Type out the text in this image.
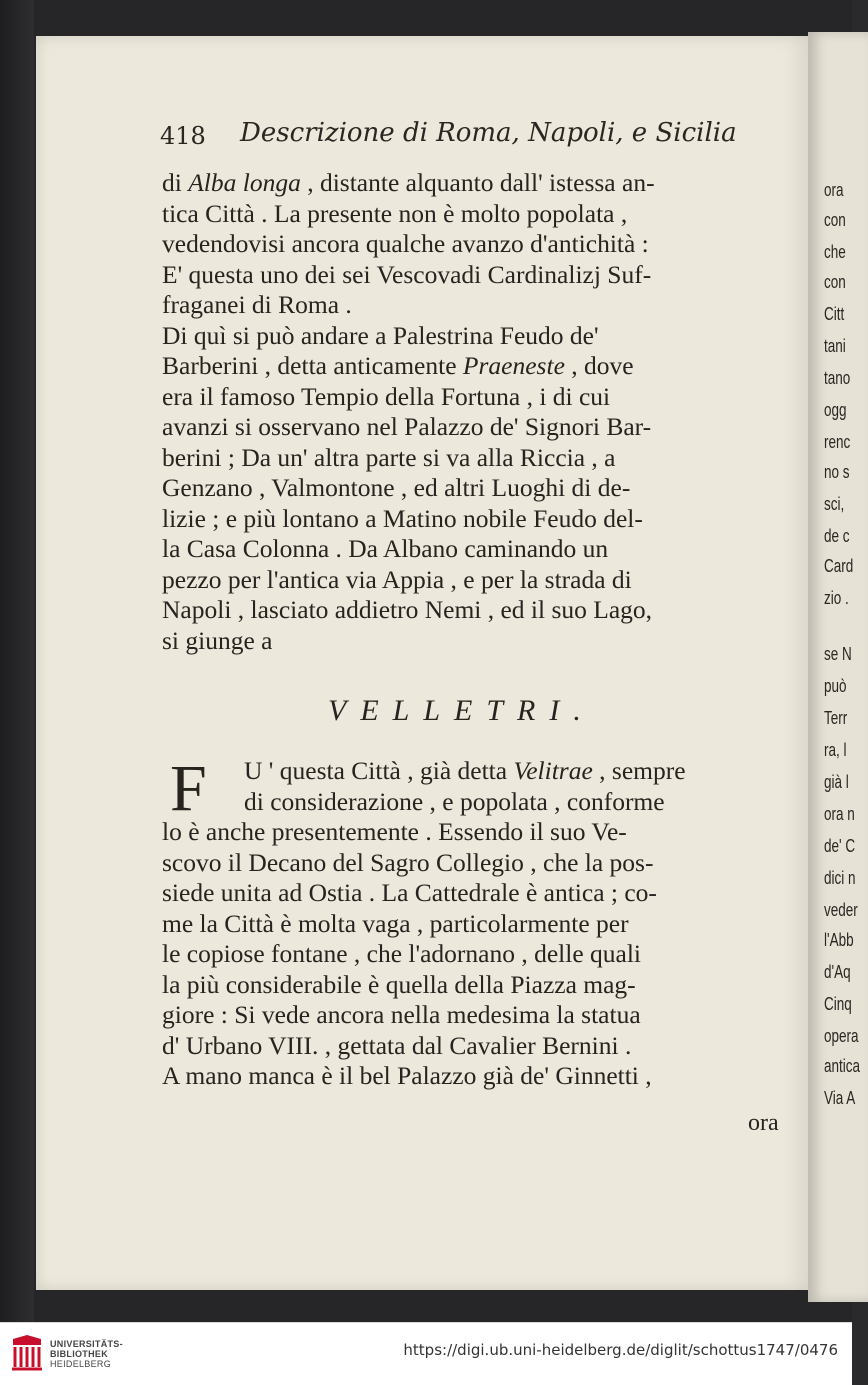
ora
con
che
con
Citt
tani
tano
ogg
renc
no s
sci,
de c
Card
zio .
se N
può
Terr
ra, l
già l
ora n
de' C
dici n
veder
l'Abb
d'Aq
Cinq
opera
antica
Via A
418 Descrizione di Roma, Napoli, e Sicilia
di Alba longa , distante alquanto dall' istessa an-
tica Città . La presente non è molto popolata ,
vedendovisi ancora qualche avanzo d'antichità :
E' questa uno dei sei Vescovadi Cardinalizj Suf-
fraganei di Roma .
Di quì si può andare a Palestrina Feudo de'
Barberini , detta anticamente Praeneste , dove
era il famoso Tempio della Fortuna , i di cui
avanzi si osservano nel Palazzo de' Signori Bar-
berini ; Da un' altra parte si va alla Riccia , a
Genzano , Valmontone , ed altri Luoghi di de-
lizie ; e più lontano a Matino nobile Feudo del-
la Casa Colonna . Da Albano caminando un
pezzo per l'antica via Appia , e per la strada di
Napoli , lasciato addietro Nemi , ed il suo Lago,
si giunge a
VELLETRI.
F U ' questa Città , già detta Velitrae , sempre
di considerazione , e popolata , conforme
lo è anche presentemente . Essendo il suo Ve-
scovo il Decano del Sagro Collegio , che la pos-
siede unita ad Ostia . La Cattedrale è antica ; co-
me la Città è molta vaga , particolarmente per
le copiose fontane , che l'adornano , delle quali
la più considerabile è quella della Piazza mag-
giore : Si vede ancora nella medesima la statua
d' Urbano VIII. , gettata dal Cavalier Bernini .
A mano manca è il bel Palazzo già de' Ginnetti ,
ora
UNIVERSITÄTS-
BIBLIOTHEK
HEIDELBERG
https://digi.ub.uni-heidelberg.de/diglit/schottus1747/0476
